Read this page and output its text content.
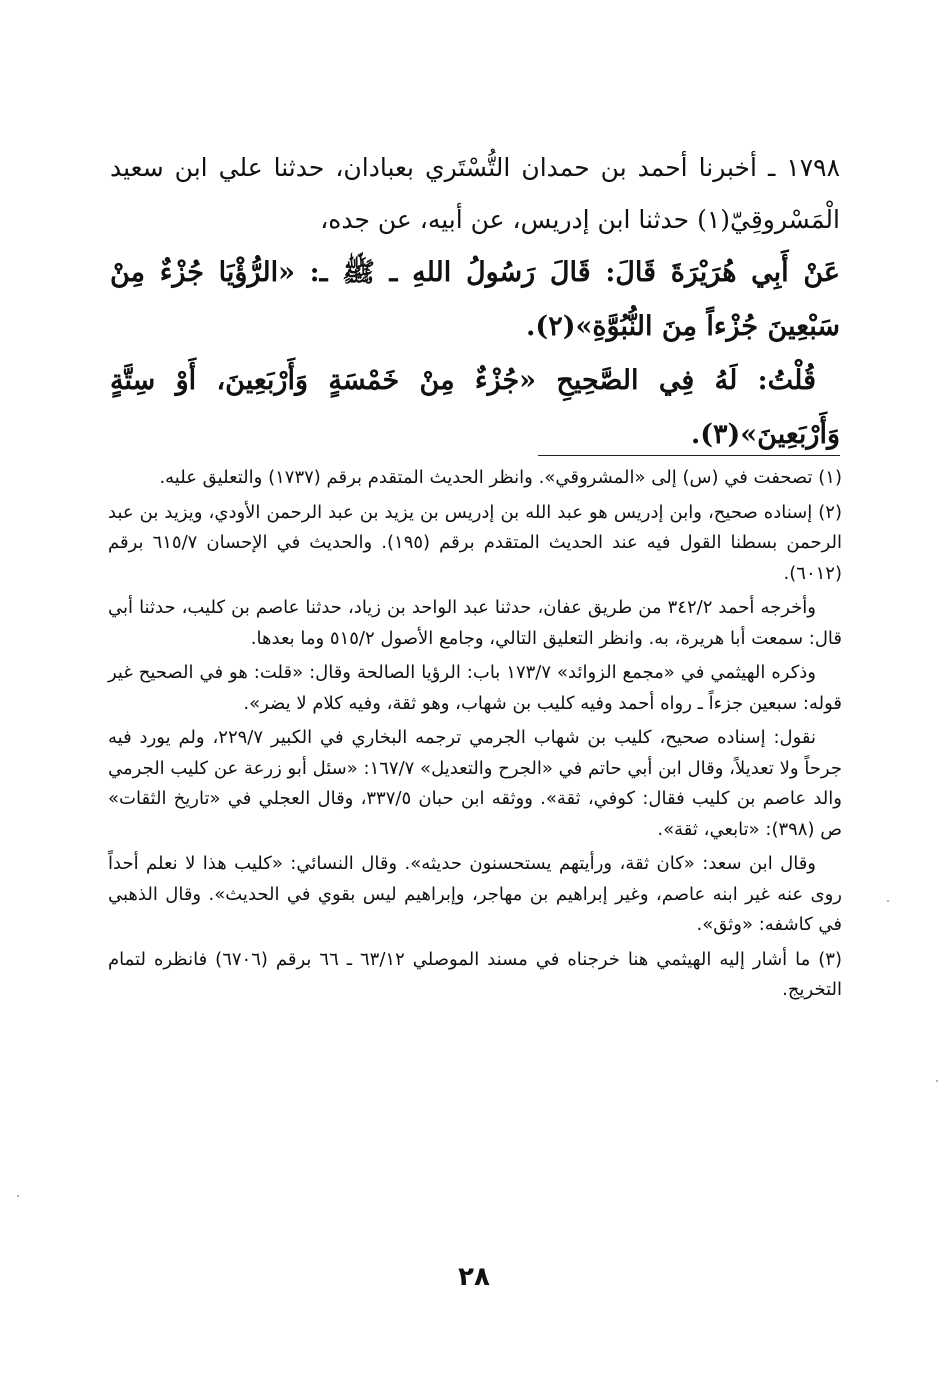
١٧٩٨ ـ أخبرنا أحمد بن حمدان التُّسْتَري بعبادان، حدثنا علي ابن سعيد الْمَسْروقِيّ(١) حدثنا ابن إدريس، عن أبيه، عن جده،

عَنْ أَبِي هُرَيْرَةَ قَالَ: قَالَ رَسُولُ اللهِ ـ ﷺ ـ: «الرُّؤْيَا جُزْءٌ مِنْ سَبْعِينَ جُزْءاً مِنَ النُّبُوَّةِ»(٢).

قُلْتُ: لَهُ فِي الصَّحِيحِ «جُزْءٌ مِنْ خَمْسَةٍ وَأَرْبَعِينَ، أَوْ سِتَّةٍ وَأَرْبَعِينَ»(٣).

(١) تصحفت في (س) إلى «المشروقي». وانظر الحديث المتقدم برقم (١٧٣٧) والتعليق عليه.

(٢) إسناده صحيح، وابن إدريس هو عبد الله بن إدريس بن يزيد بن عبد الرحمن الأودي، ويزيد بن عبد الرحمن بسطنا القول فيه عند الحديث المتقدم برقم (١٩٥). والحديث في الإحسان ٦١٥/٧ برقم (٦٠١٢).

وأخرجه أحمد ٣٤٢/٢ من طريق عفان، حدثنا عبد الواحد بن زياد، حدثنا عاصم بن كليب، حدثنا أبي قال: سمعت أبا هريرة، به. وانظر التعليق التالي، وجامع الأصول ٥١٥/٢ وما بعدها.

وذكره الهيثمي في «مجمع الزوائد» ١٧٣/٧ باب: الرؤيا الصالحة وقال: «قلت: هو في الصحيح غير قوله: سبعين جزءاً ـ رواه أحمد وفيه كليب بن شهاب، وهو ثقة، وفيه كلام لا يضر».

نقول: إسناده صحيح، كليب بن شهاب الجرمي ترجمه البخاري في الكبير ٢٢٩/٧، ولم يورد فيه جرحاً ولا تعديلاً، وقال ابن أبي حاتم في «الجرح والتعديل» ١٦٧/٧: «سئل أبو زرعة عن كليب الجرمي والد عاصم بن كليب فقال: كوفي، ثقة». ووثقه ابن حبان ٣٣٧/٥، وقال العجلي في «تاريخ الثقات» ص (٣٩٨): «تابعي، ثقة».

وقال ابن سعد: «كان ثقة، ورأيتهم يستحسنون حديثه». وقال النسائي: «كليب هذا لا نعلم أحداً روى عنه غير ابنه عاصم، وغير إبراهيم بن مهاجر، وإبراهيم ليس بقوي في الحديث». وقال الذهبي في كاشفه: «وثق».

(٣) ما أشار إليه الهيثمي هنا خرجناه في مسند الموصلي ٦٣/١٢ ـ ٦٦ برقم (٦٧٠٦) فانظره لتمام التخريج.

٢٨
